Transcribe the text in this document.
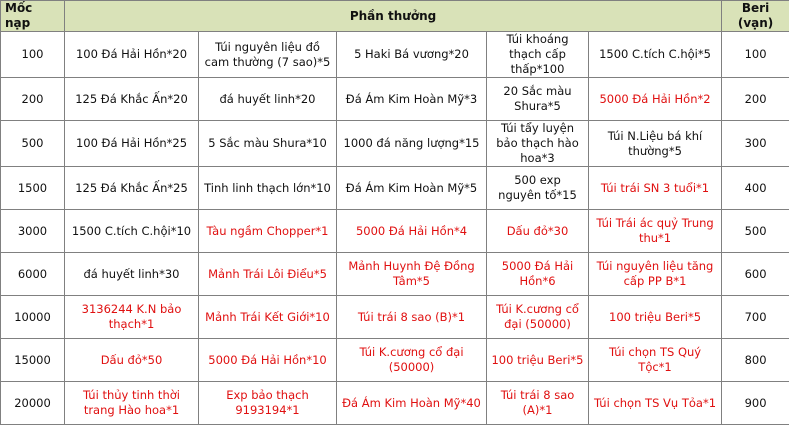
Mốc nạp	Phần thưởng					Beri (vạn)
100	100 Đá Hải Hồn*20	Túi nguyên liệu đồ cam thường (7 sao)*5	5 Haki Bá vương*20	Túi khoáng thạch cấp thấp*100	1500 C.tích C.hội*5	100
200	125 Đá Khắc Ấn*20	đá huyết linh*20	Đá Ám Kim Hoàn Mỹ*3	20 Sắc màu Shura*5	5000 Đá Hải Hồn*2	200
500	100 Đá Hải Hồn*25	5 Sắc màu Shura*10	1000 đá năng lượng*15	Túi tẩy luyện bảo thạch hào hoa*3	Túi N.Liệu bá khí thường*5	300
1500	125 Đá Khắc Ấn*25	Tinh linh thạch lớn*10	Đá Ám Kim Hoàn Mỹ*5	500 exp nguyên tố*15	Túi trái SN 3 tuổi*1	400
3000	1500 C.tích C.hội*10	Tàu ngầm Chopper*1	5000 Đá Hải Hồn*4	Dấu đỏ*30	Túi Trái ác quỷ Trung thu*1	500
6000	đá huyết linh*30	Mảnh Trái Lôi Điểu*5	Mảnh Huynh Đệ Đồng Tâm*5	5000 Đá Hải Hồn*6	Túi nguyên liệu tăng cấp PP B*1	600
10000	3136244 K.N bảo thạch*1	Mảnh Trái Kết Giới*10	Túi trái 8 sao (B)*1	Túi K.cương cổ đại (50000)	100 triệu Beri*5	700
15000	Dấu đỏ*50	5000 Đá Hải Hồn*10	Túi K.cương cổ đại (50000)	100 triệu Beri*5	Túi chọn TS Quý Tộc*1	800
20000	Túi thủy tinh thời trang Hào hoa*1	Exp bảo thạch 9193194*1	Đá Ám Kim Hoàn Mỹ*40	Túi trái 8 sao (A)*1	Túi chọn TS Vụ Tỏa*1	900
